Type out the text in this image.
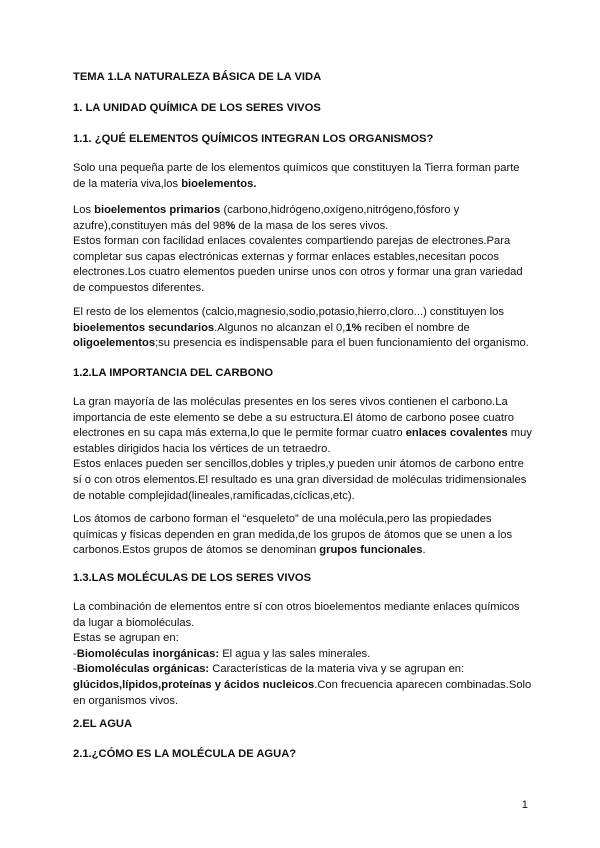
TEMA 1.LA NATURALEZA BÁSICA DE LA VIDA
1. LA UNIDAD QUÍMICA DE LOS SERES VIVOS
1.1. ¿QUÉ ELEMENTOS QUÍMICOS INTEGRAN LOS ORGANISMOS?
Solo una pequeña parte de los elementos químicos que constituyen la Tierra forman parte
de la materia viva,los bioelementos.
Los bioelementos primarios (carbono,hidrógeno,oxígeno,nitrógeno,fósforo y
azufre),constituyen más del 98% de la masa de los seres vivos.
Estos forman con facilidad enlaces covalentes compartiendo parejas de electrones.Para
completar sus capas electrónicas externas y formar enlaces estables,necesitan pocos
electrones.Los cuatro elementos pueden unirse unos con otros y formar una gran variedad
de compuestos diferentes.
El resto de los elementos (calcio,magnesio,sodio,potasio,hierro,cloro...) constituyen los
bioelementos secundarios.Algunos no alcanzan el 0,1% reciben el nombre de
oligoelementos;su presencia es indispensable para el buen funcionamiento del organismo.
1.2.LA IMPORTANCIA DEL CARBONO
La gran mayoría de las moléculas presentes en los seres vivos contienen el carbono.La
importancia de este elemento se debe a su estructura.El átomo de carbono posee cuatro
electrones en su capa más externa,lo que le permite formar cuatro enlaces covalentes muy
estables dirigidos hacia los vértices de un tetraedro.
Estos enlaces pueden ser sencillos,dobles y triples,y pueden unir átomos de carbono entre
sí o con otros elementos.El resultado es una gran diversidad de moléculas tridimensionales
de notable complejidad(lineales,ramificadas,cíclicas,etc).
Los átomos de carbono forman el “esqueleto” de una molécula,pero las propiedades
químicas y físicas dependen en gran medida,de los grupos de átomos que se unen a los
carbonos.Estos grupos de átomos se denominan grupos funcionales.
1.3.LAS MOLÉCULAS DE LOS SERES VIVOS
La combinación de elementos entre sí con otros bioelementos mediante enlaces químicos
da lugar a biomoléculas.
Estas se agrupan en:
-Biomoléculas inorgánicas: El agua y las sales minerales.
-Biomoléculas orgánicas: Características de la materia viva y se agrupan en:
glúcidos,lípidos,proteínas y ácidos nucleicos.Con frecuencia aparecen combinadas.Solo
en organismos vivos.
2.EL AGUA
2.1.¿CÓMO ES LA MOLÉCULA DE AGUA?
1
